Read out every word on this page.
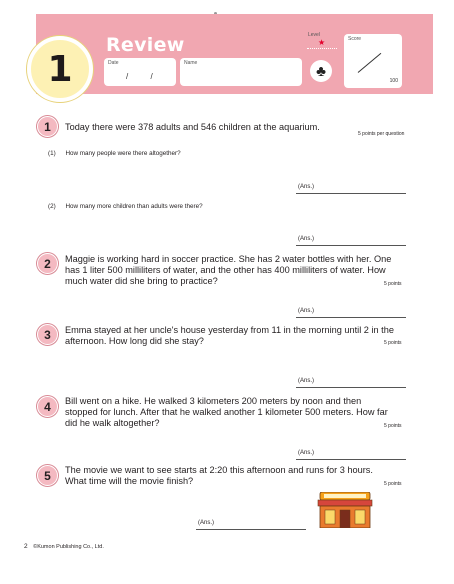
1
Review
Date
/ /
Name
Level
★
♣
Score
100
1	Today there were 378 adults and 546 children at the aquarium.
5 points per question
(1) How many people were there altogether?
(Ans.)
(2) How many more children than adults were there?
(Ans.)
2	Maggie is working hard in soccer practice. She has 2 water bottles with her. One has 1 liter 500 milliliters of water, and the other has 400 milliliters of water. How much water did she bring to practice?	5 points
(Ans.)
3	Emma stayed at her uncle's house yesterday from 11 in the morning until 2 in the afternoon. How long did she stay?	5 points
(Ans.)
4	Bill went on a hike. He walked 3 kilometers 200 meters by noon and then stopped for lunch. After that he walked another 1 kilometer 500 meters. How far did he walk altogether?	5 points
(Ans.)
5	The movie we want to see starts at 2:20 this afternoon and runs for 3 hours. What time will the movie finish?	5 points
(Ans.)
2 ©Kumon Publishing Co., Ltd.
